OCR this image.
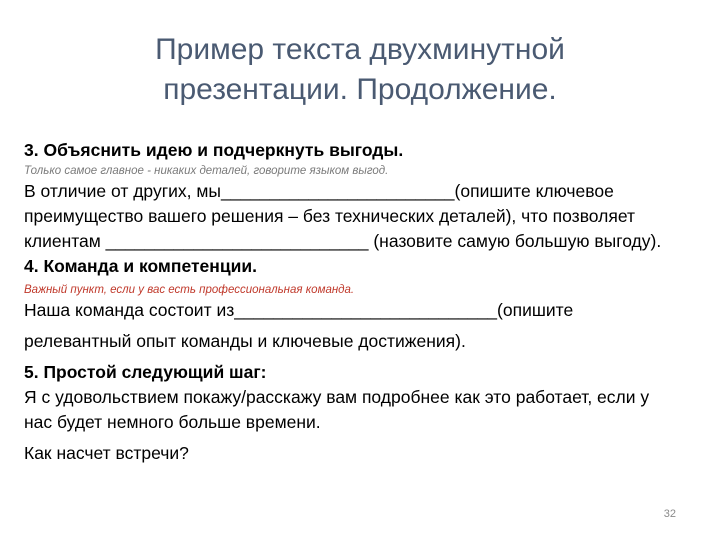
Пример текста двухминутной
презентации. Продолжение.

3. Объяснить идею и подчеркнуть выгоды.

Только самое главное - никаких деталей, говорите языком выгод.

В отличие от других, мы________________________(опишите ключевое

преимущество вашего решения – без технических деталей), что позволяет

клиентам ___________________________ (назовите самую большую выгоду).

4. Команда и компетенции.

Важный пункт, если у вас есть профессиональная команда.

Наша команда состоит из___________________________(опишите

релевантный опыт команды и ключевые достижения).

5. Простой следующий шаг:

Я с удовольствием покажу/расскажу вам подробнее как это работает, если у

нас будет немного больше времени.

Как насчет встречи?

32
